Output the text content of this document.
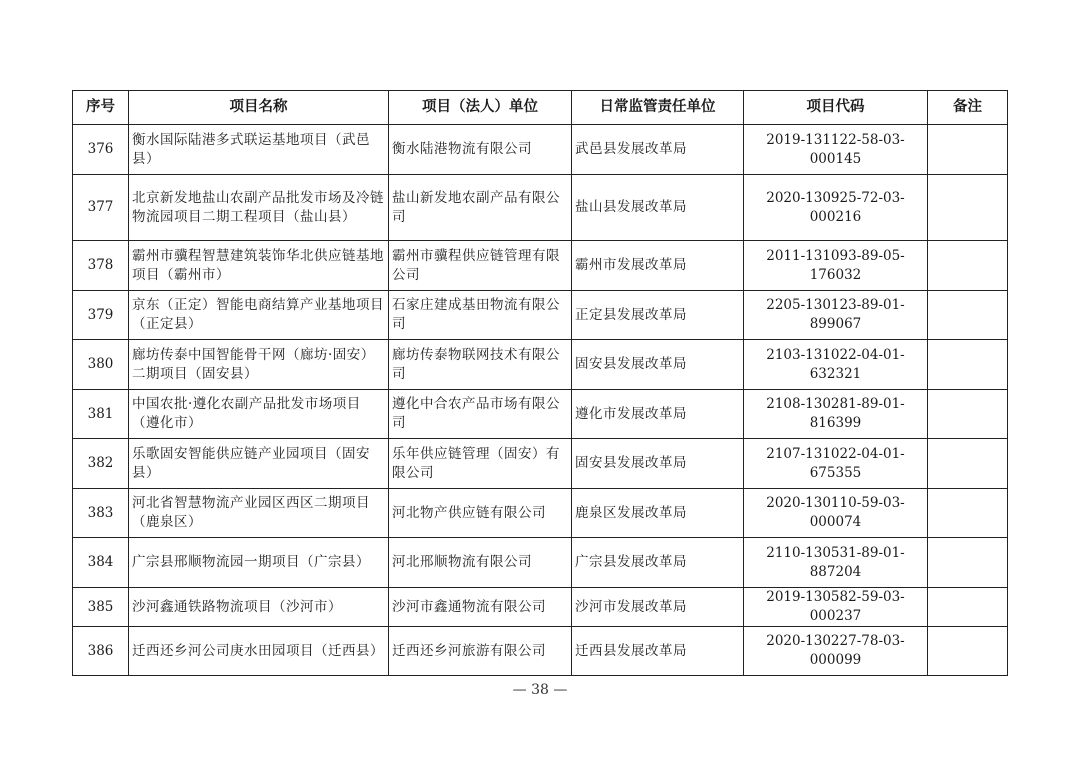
序号	项目名称	项目（法人）单位	日常监管责任单位	项目代码	备注
376	衡水国际陆港多式联运基地项目（武邑县）	衡水陆港物流有限公司	武邑县发展改革局	2019-131122-58-03-000145	
377	北京新发地盐山农副产品批发市场及冷链物流园项目二期工程项目（盐山县）	盐山新发地农副产品有限公司	盐山县发展改革局	2020-130925-72-03-000216	
378	霸州市骥程智慧建筑装饰华北供应链基地项目（霸州市）	霸州市骥程供应链管理有限公司	霸州市发展改革局	2011-131093-89-05-176032	
379	京东（正定）智能电商结算产业基地项目（正定县）	石家庄建成基田物流有限公司	正定县发展改革局	2205-130123-89-01-899067	
380	廊坊传泰中国智能骨干网（廊坊·固安）二期项目（固安县）	廊坊传泰物联网技术有限公司	固安县发展改革局	2103-131022-04-01-632321	
381	中国农批·遵化农副产品批发市场项目（遵化市）	遵化中合农产品市场有限公司	遵化市发展改革局	2108-130281-89-01-816399	
382	乐歌固安智能供应链产业园项目（固安县）	乐年供应链管理（固安）有限公司	固安县发展改革局	2107-131022-04-01-675355	
383	河北省智慧物流产业园区西区二期项目（鹿泉区）	河北物产供应链有限公司	鹿泉区发展改革局	2020-130110-59-03-000074	
384	广宗县邢顺物流园一期项目（广宗县）	河北邢顺物流有限公司	广宗县发展改革局	2110-130531-89-01-887204	
385	沙河鑫通铁路物流项目（沙河市）	沙河市鑫通物流有限公司	沙河市发展改革局	2019-130582-59-03-000237	
386	迁西还乡河公司庚水田园项目（迁西县）	迁西还乡河旅游有限公司	迁西县发展改革局	2020-130227-78-03-000099	
— 38 —
